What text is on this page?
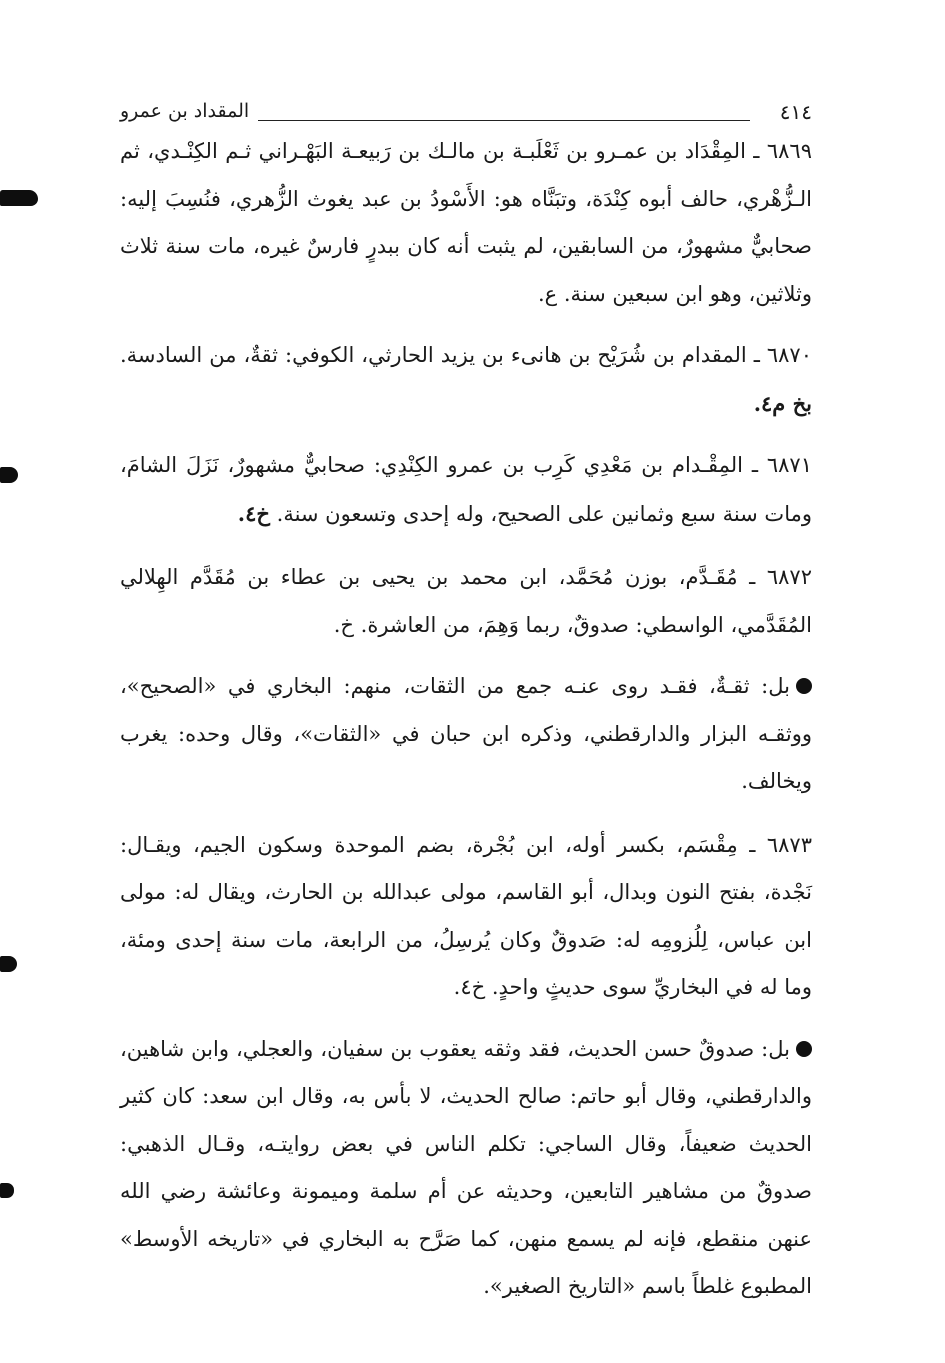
٤١٤
المقداد بن عمرو

٦٨٦٩ ـ المِقْدَاد بن عمـرو بن ثَعْلَبـة بن مالـك بن رَبيعـة البَهْـراني ثـم الكِنْـدي، ثم الـزُّهْري، حالف أبوه كِنْدَة، وتبَنَّاه هو: الأَسْودُ بن عبد يغوث الزُّهري، فنُسِبَ إليه: صحابيٌّ مشهورٌ، من السابقين، لم يثبت أنه كان ببدرٍ فارسٌ غيره، مات سنة ثلاث وثلاثين، وهو ابن سبعين سنة. ع.

٦٨٧٠ ـ المقدام بن شُرَيْح بن هانىء بن يزيد الحارثي، الكوفي: ثقةٌ، من السادسة. بخ م٤.

٦٨٧١ ـ المِقْـدام بن مَعْدِي كَرِب بن عمرو الكِنْدِي: صحابيٌّ مشهورٌ، نَزَلَ الشامَ، ومات سنة سبع وثمانين على الصحيح، وله إحدى وتسعون سنة. خ٤.

٦٨٧٢ ـ مُقَـدَّم، بوزن مُحَمَّد، ابن محمد بن يحيى بن عطاء بن مُقَدَّم الهِلالي المُقَدَّمي، الواسطي: صدوقٌ، ربما وَهِمَ، من العاشرة. خ.

بل: ثقـةٌ، فقـد روى عنـه جمع من الثقات، منهم: البخاري في «الصحيح»، ووثقـه البزار والدارقطني، وذكره ابن حبان في «الثقات»، وقال وحده: يغرب ويخالف.

٦٨٧٣ ـ مِقْسَم، بكسر أوله، ابن بُجْرة، بضم الموحدة وسكون الجيم، ويقـال: نَجْدة، بفتح النون وبدال، أبو القاسم، مولى عبدالله بن الحارث، ويقال له: مولى ابن عباس، لِلُزومِه له: صَدوقٌ وكان يُرسِلُ، من الرابعة، مات سنة إحدى ومئة، وما له في البخاريِّ سوى حديثٍ واحدٍ. خ٤.

بل: صدوقٌ حسن الحديث، فقد وثقه يعقوب بن سفيان، والعجلي، وابن شاهين، والدارقطني، وقال أبو حاتم: صالح الحديث، لا بأس به، وقال ابن سعد: كان كثير الحديث ضعيفاً، وقال الساجي: تكلم الناس في بعض روايتـه، وقـال الذهبي: صدوقٌ من مشاهير التابعين، وحديثه عن أم سلمة وميمونة وعائشة رضي الله عنهن منقطع، فإنه لم يسمع منهن، كما صَرَّح به البخاري في «تاريخه الأوسط» المطبوع غلطاً باسم «التاريخ الصغير».
